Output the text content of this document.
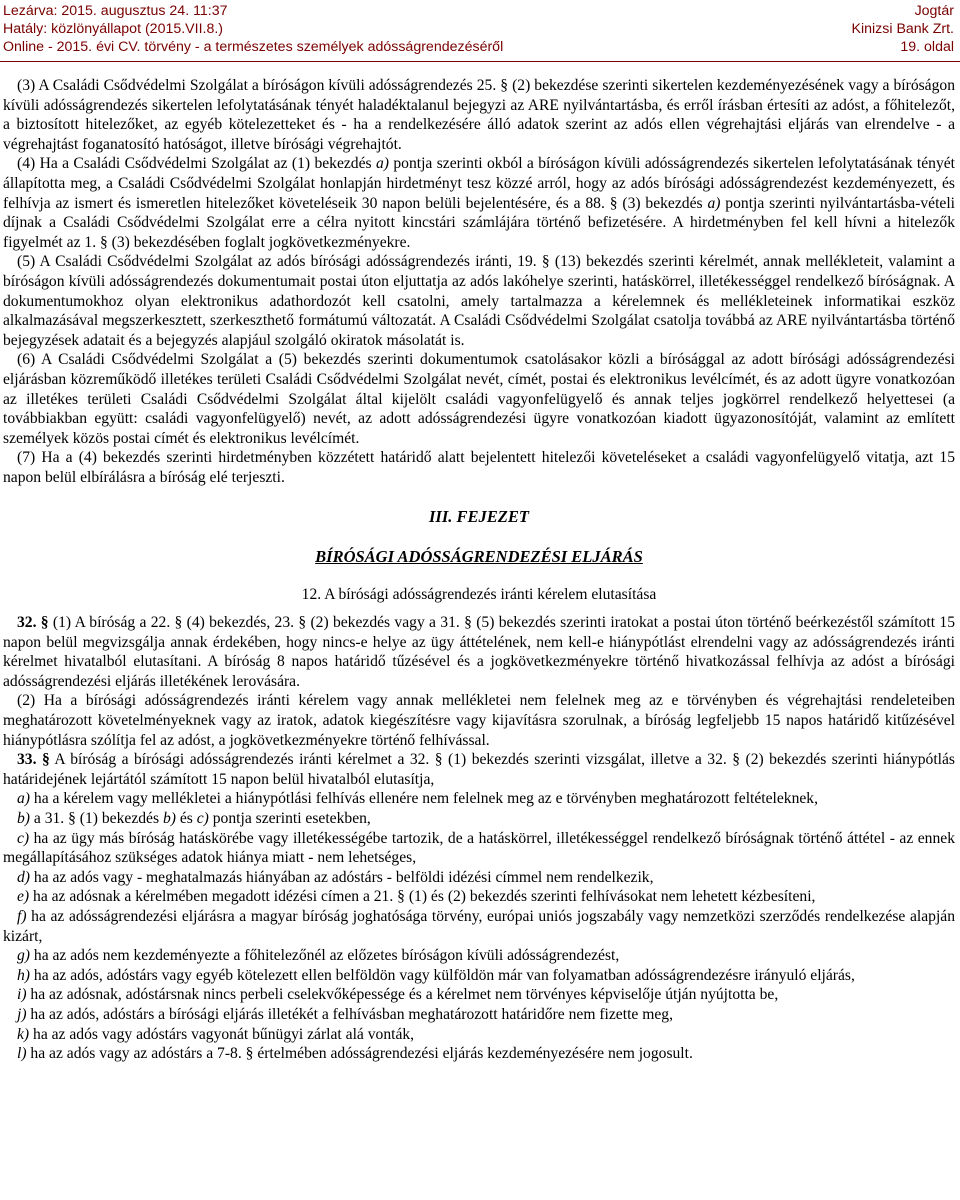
Lezárva: 2015. augusztus 24. 11:37
Hatály: közlönyállapot (2015.VII.8.)
Online - 2015. évi CV. törvény - a természetes személyek adósságrendezéséről
Jogtár
Kinizsi Bank Zrt.
19. oldal

(3) A Családi Csődvédelmi Szolgálat a bíróságon kívüli adósságrendezés 25. § (2) bekezdése szerinti sikertelen kezdeményezésének vagy a bíróságon kívüli adósságrendezés sikertelen lefolytatásának tényét haladéktalanul bejegyzi az ARE nyilvántartásba, és erről írásban értesíti az adóst, a főhitelezőt, a biztosított hitelezőket, az egyéb kötelezetteket és - ha a rendelkezésére álló adatok szerint az adós ellen végrehajtási eljárás van elrendelve - a végrehajtást foganatosító hatóságot, illetve bírósági végrehajtót.

(4) Ha a Családi Csődvédelmi Szolgálat az (1) bekezdés a) pontja szerinti okból a bíróságon kívüli adósságrendezés sikertelen lefolytatásának tényét állapította meg, a Családi Csődvédelmi Szolgálat honlapján hirdetményt tesz közzé arról, hogy az adós bírósági adósságrendezést kezdeményezett, és felhívja az ismert és ismeretlen hitelezőket követeléseik 30 napon belüli bejelentésére, és a 88. § (3) bekezdés a) pontja szerinti nyilvántartásba-vételi díjnak a Családi Csődvédelmi Szolgálat erre a célra nyitott kincstári számlájára történő befizetésére. A hirdetményben fel kell hívni a hitelezők figyelmét az 1. § (3) bekezdésében foglalt jogkövetkezményekre.

(5) A Családi Csődvédelmi Szolgálat az adós bírósági adósságrendezés iránti, 19. § (13) bekezdés szerinti kérelmét, annak mellékleteit, valamint a bíróságon kívüli adósságrendezés dokumentumait postai úton eljuttatja az adós lakóhelye szerinti, hatáskörrel, illetékességgel rendelkező bíróságnak. A dokumentumokhoz olyan elektronikus adathordozót kell csatolni, amely tartalmazza a kérelemnek és mellékleteinek informatikai eszköz alkalmazásával megszerkesztett, szerkeszthető formátumú változatát. A Családi Csődvédelmi Szolgálat csatolja továbbá az ARE nyilvántartásba történő bejegyzések adatait és a bejegyzés alapjául szolgáló okiratok másolatát is.

(6) A Családi Csődvédelmi Szolgálat a (5) bekezdés szerinti dokumentumok csatolásakor közli a bírósággal az adott bírósági adósságrendezési eljárásban közreműködő illetékes területi Családi Csődvédelmi Szolgálat nevét, címét, postai és elektronikus levélcímét, és az adott ügyre vonatkozóan az illetékes területi Családi Csődvédelmi Szolgálat által kijelölt családi vagyonfelügyelő és annak teljes jogkörrel rendelkező helyettesei (a továbbiakban együtt: családi vagyonfelügyelő) nevét, az adott adósságrendezési ügyre vonatkozóan kiadott ügyazonosítóját, valamint az említett személyek közös postai címét és elektronikus levélcímét.

(7) Ha a (4) bekezdés szerinti hirdetményben közzétett határidő alatt bejelentett hitelezői követeléseket a családi vagyonfelügyelő vitatja, azt 15 napon belül elbírálásra a bíróság elé terjeszti.

III. FEJEZET
BÍRÓSÁGI ADÓSSÁGRENDEZÉSI ELJÁRÁS
12. A bírósági adósságrendezés iránti kérelem elutasítása

32. § (1) A bíróság a 22. § (4) bekezdés, 23. § (2) bekezdés vagy a 31. § (5) bekezdés szerinti iratokat a postai úton történő beérkezéstől számított 15 napon belül megvizsgálja annak érdekében, hogy nincs-e helye az ügy áttételének, nem kell-e hiánypótlást elrendelni vagy az adósságrendezés iránti kérelmet hivatalból elutasítani. A bíróság 8 napos határidő tűzésével és a jogkövetkezményekre történő hivatkozással felhívja az adóst a bírósági adósságrendezési eljárás illetékének lerovására.

(2) Ha a bírósági adósságrendezés iránti kérelem vagy annak mellékletei nem felelnek meg az e törvényben és végrehajtási rendeleteiben meghatározott követelményeknek vagy az iratok, adatok kiegészítésre vagy kijavításra szorulnak, a bíróság legfeljebb 15 napos határidő kitűzésével hiánypótlásra szólítja fel az adóst, a jogkövetkezményekre történő felhívással.

33. § A bíróság a bírósági adósságrendezés iránti kérelmet a 32. § (1) bekezdés szerinti vizsgálat, illetve a 32. § (2) bekezdés szerinti hiánypótlás határidejének lejártától számított 15 napon belül hivatalból elutasítja,

a) ha a kérelem vagy mellékletei a hiánypótlási felhívás ellenére nem felelnek meg az e törvényben meghatározott feltételeknek,

b) a 31. § (1) bekezdés b) és c) pontja szerinti esetekben,

c) ha az ügy más bíróság hatáskörébe vagy illetékességébe tartozik, de a hatáskörrel, illetékességgel rendelkező bíróságnak történő áttétel - az ennek megállapításához szükséges adatok hiánya miatt - nem lehetséges,

d) ha az adós vagy - meghatalmazás hiányában az adóstárs - belföldi idézési címmel nem rendelkezik,

e) ha az adósnak a kérelmében megadott idézési címen a 21. § (1) és (2) bekezdés szerinti felhívásokat nem lehetett kézbesíteni,

f) ha az adósságrendezési eljárásra a magyar bíróság joghatósága törvény, európai uniós jogszabály vagy nemzetközi szerződés rendelkezése alapján kizárt,

g) ha az adós nem kezdeményezte a főhitelezőnél az előzetes bíróságon kívüli adósságrendezést,

h) ha az adós, adóstárs vagy egyéb kötelezett ellen belföldön vagy külföldön már van folyamatban adósságrendezésre irányuló eljárás,

i) ha az adósnak, adóstársnak nincs perbeli cselekvőképessége és a kérelmet nem törvényes képviselője útján nyújtotta be,

j) ha az adós, adóstárs a bírósági eljárás illetékét a felhívásban meghatározott határidőre nem fizette meg,

k) ha az adós vagy adóstárs vagyonát bűnügyi zárlat alá vonták,

l) ha az adós vagy az adóstárs a 7-8. § értelmében adósságrendezési eljárás kezdeményezésére nem jogosult.
